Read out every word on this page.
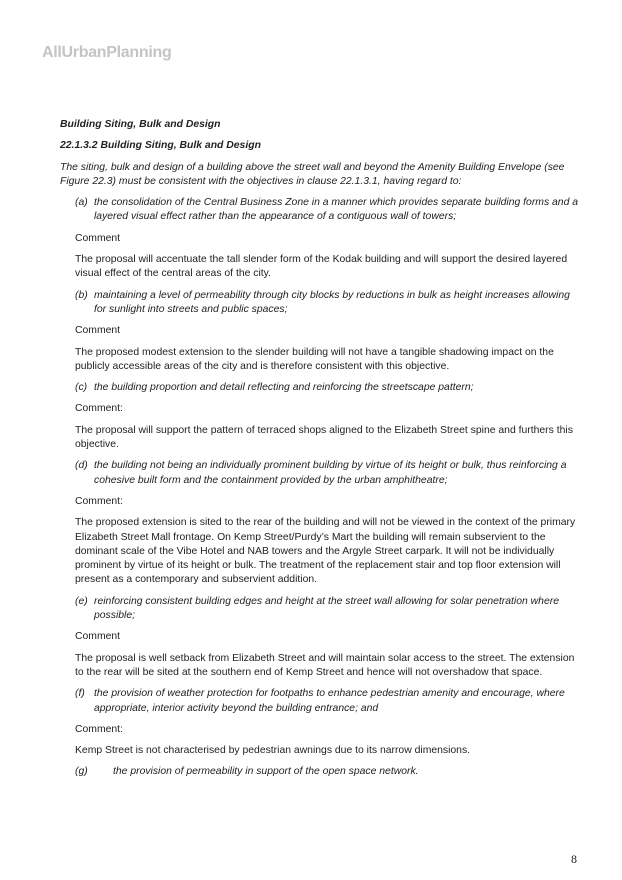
AllUrbanPlanning

Building Siting, Bulk and Design

22.1.3.2 Building Siting, Bulk and Design

The siting, bulk and design of a building above the street wall and beyond the Amenity Building Envelope (see Figure 22.3) must be consistent with the objectives in clause 22.1.3.1, having regard to:

(a) the consolidation of the Central Business Zone in a manner which provides separate building forms and a layered visual effect rather than the appearance of a contiguous wall of towers;

Comment

The proposal will accentuate the tall slender form of the Kodak building and will support the desired layered visual effect of the central areas of the city.

(b) maintaining a level of permeability through city blocks by reductions in bulk as height increases allowing for sunlight into streets and public spaces;

Comment

The proposed modest extension to the slender building will not have a tangible shadowing impact on the publicly accessible areas of the city and is therefore consistent with this objective.

(c) the building proportion and detail reflecting and reinforcing the streetscape pattern;

Comment:

The proposal will support the pattern of terraced shops aligned to the Elizabeth Street spine and furthers this objective.

(d) the building not being an individually prominent building by virtue of its height or bulk, thus reinforcing a cohesive built form and the containment provided by the urban amphitheatre;

Comment:

The proposed extension is sited to the rear of the building and will not be viewed in the context of the primary Elizabeth Street Mall frontage. On Kemp Street/Purdy’s Mart the building will remain subservient to the dominant scale of the Vibe Hotel and NAB towers and the Argyle Street carpark. It will not be individually prominent by virtue of its height or bulk. The treatment of the replacement stair and top floor extension will present as a contemporary and subservient addition.

(e) reinforcing consistent building edges and height at the street wall allowing for solar penetration where possible;

Comment

The proposal is well setback from Elizabeth Street and will maintain solar access to the street. The extension to the rear will be sited at the southern end of Kemp Street and hence will not overshadow that space.

(f) the provision of weather protection for footpaths to enhance pedestrian amenity and encourage, where appropriate, interior activity beyond the building entrance; and

Comment:

Kemp Street is not characterised by pedestrian awnings due to its narrow dimensions.

(g)	the provision of permeability in support of the open space network.
8
